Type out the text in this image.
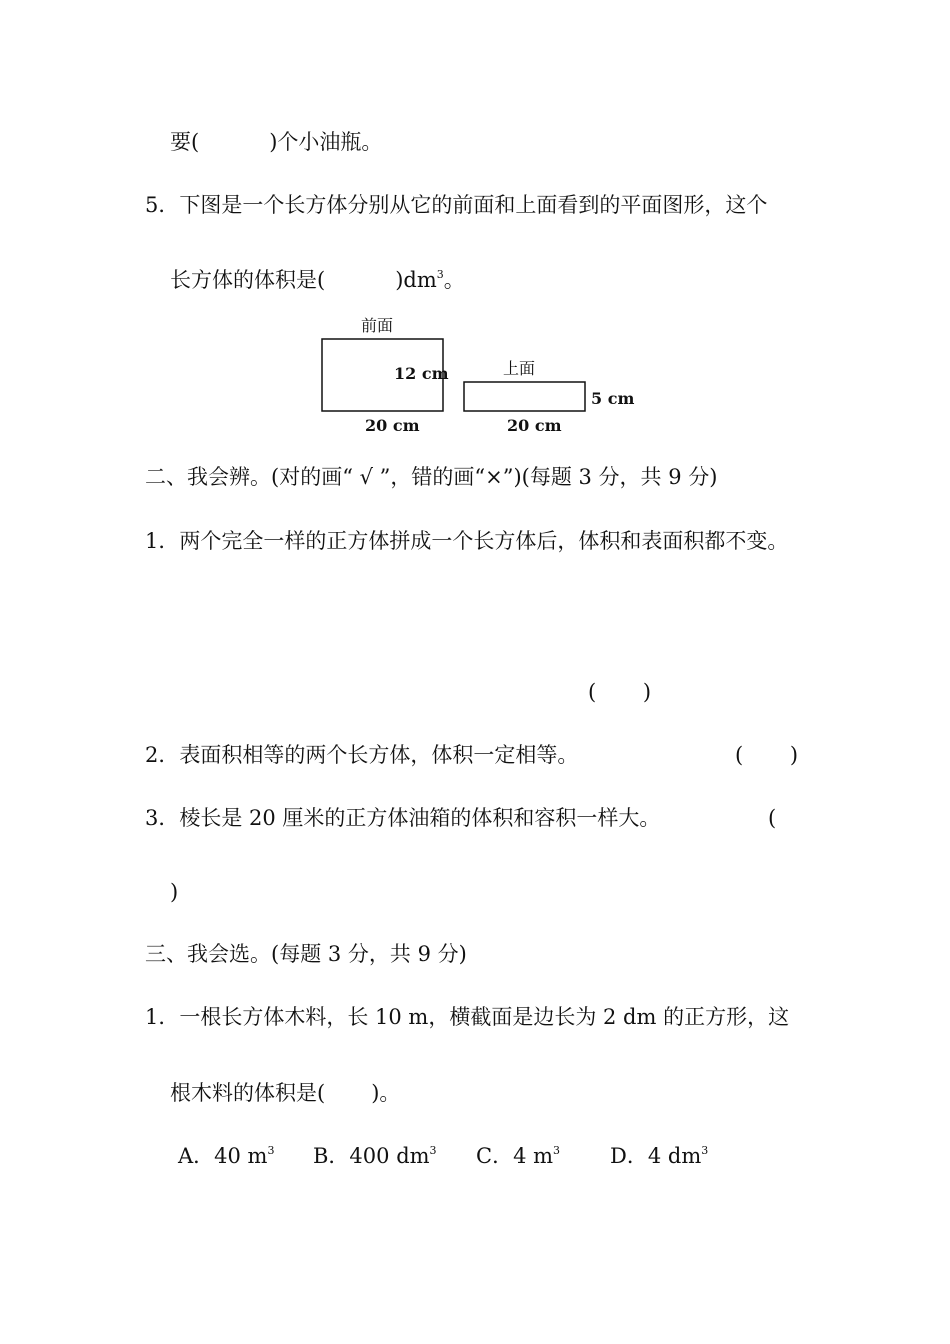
要(	)个小油瓶。
5．下图是一个长方体分别从它的前面和上面看到的平面图形，这个
长方体的体积是(	)$dm^3$。
前面
12 cm
20 cm
上面
5 cm
20 cm
二、我会辨。(对的画“ √ ”，错的画“×”)(每题 3 分，共 9 分)
1．两个完全一样的正方体拼成一个长方体后，体积和表面积都不变。
(       )
2．表面积相等的两个长方体，体积一定相等。	(       )
3．棱长是 20 厘米的正方体油箱的体积和容积一样大。	(
)
三、我会选。(每题 3 分，共 9 分)
1．一根长方体木料，长 10 m，横截面是边长为 2 dm 的正方形，这
根木料的体积是( )。
A．40 $m^3$ B．400 $dm^3$ C．4 $m^3$ D．4 $dm^3$
